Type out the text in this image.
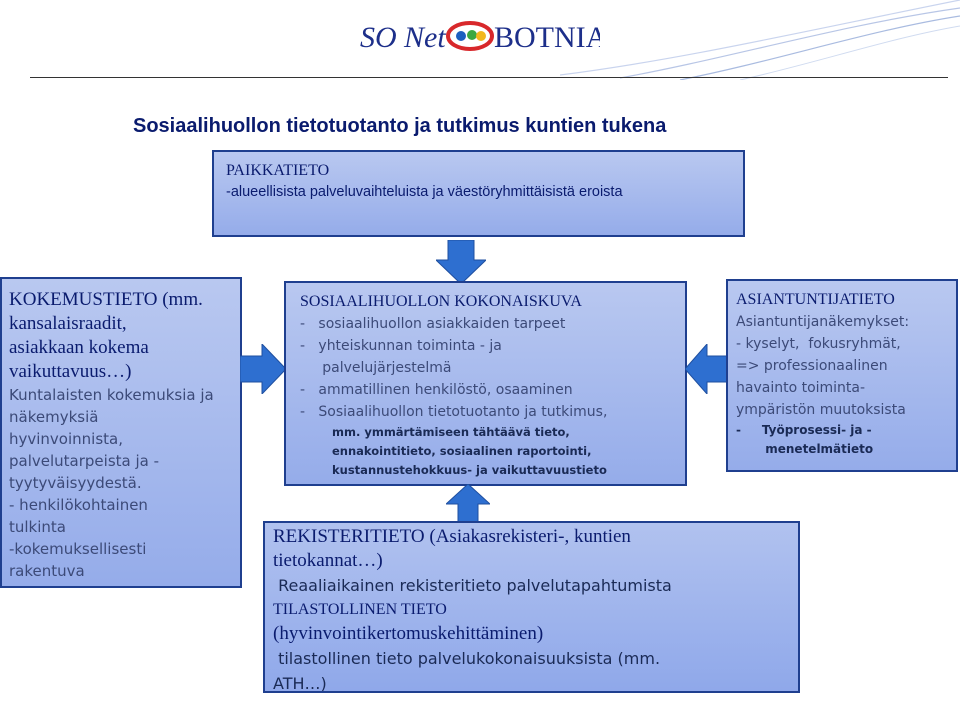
SO Net BOTNIA
Sosiaalihuollon tietotuotanto ja tutkimus kuntien tukena
PAIKKATIETO
-alueellisista palveluvaihteluista ja väestöryhmittäisistä eroista
KOKEMUSTIETO (mm.
kansalaisraadit,
asiakkaan kokema
vaikuttavuus…)
Kuntalaisten kokemuksia ja
näkemyksiä
hyvinvoinnista,
palvelutarpeista ja -
tyytyväisyydestä.
- henkilökohtainen
tulkinta
-kokemuksellisesti
rakentuva
SOSIAALIHUOLLON KOKONAISKUVA
-   sosiaalihuollon asiakkaiden tarpeet
-   yhteiskunnan toiminta - ja
palvelujärjestelmä
-   ammatillinen henkilöstö, osaaminen
-   Sosiaalihuollon tietotuotanto ja tutkimus,
mm. ymmärtämiseen tähtäävä tieto,
ennakointitieto, sosiaalinen raportointi,
kustannustehokkuus- ja vaikuttavuustieto
ASIANTUNTIJATIETO
Asiantuntijanäkemykset:
- kyselyt,  fokusryhmät,
=> professionaalinen
havainto toiminta-
ympäristön muutoksista
-     Työprosessi- ja -
menetelmätieto
REKISTERITIETO (Asiakasrekisteri-, kuntien
tietokannat…)
Reaaliaikainen rekisteritieto palvelutapahtumista
TILASTOLLINEN TIETO
(hyvinvointikertomuskehittäminen)
tilastollinen tieto palvelukokonaisuuksista (mm.
ATH…)
